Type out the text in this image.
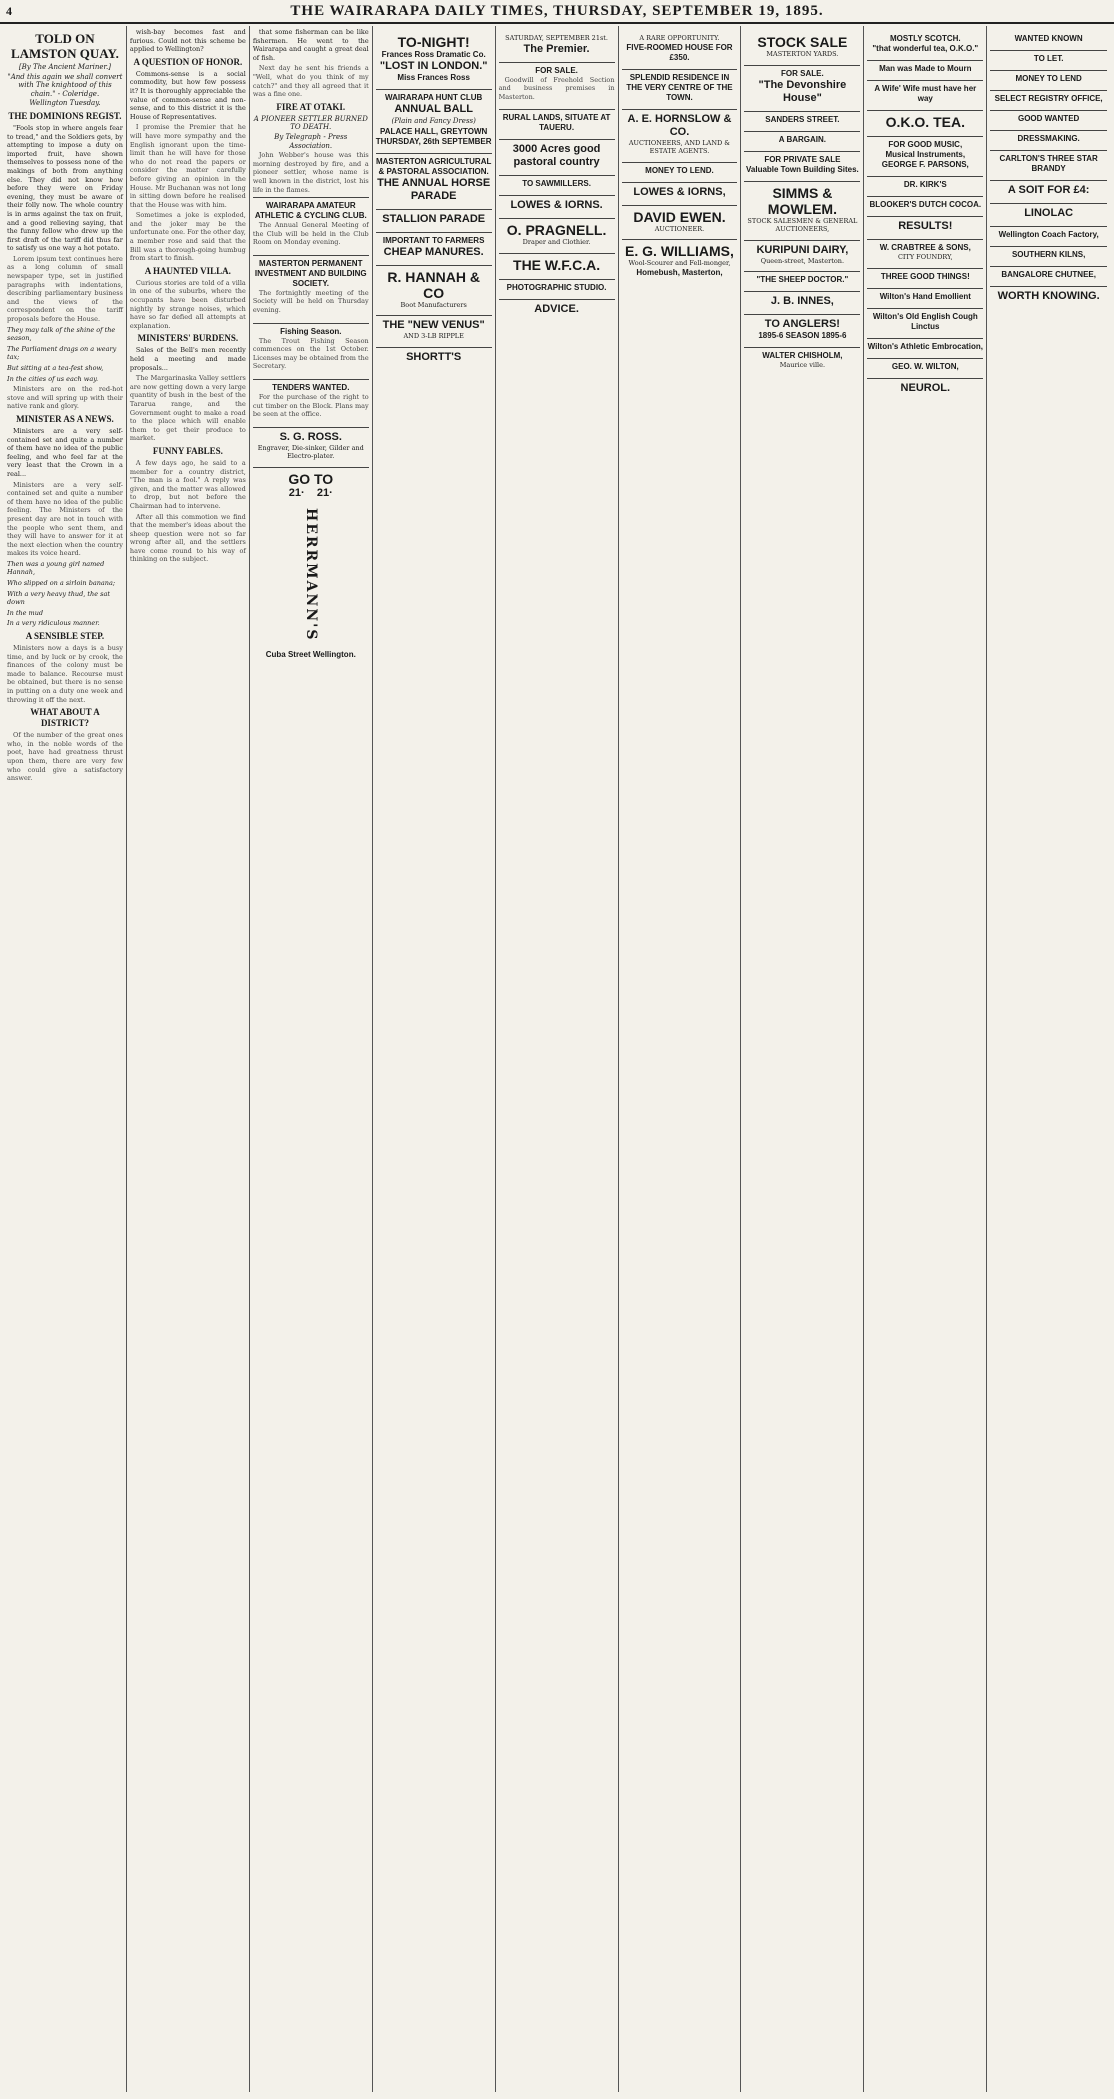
4	THE WAIRARAPA DAILY TIMES, THURSDAY, SEPTEMBER 19, 1895.
TOLD ON LAMSTON QUAY.
[By The Ancient Mariner.]
"And this again we shall convert with The knightood of this chain." - Coleridge.
Wellington Tuesday.
THE DOMINIONS REGIST.

"Fools stop in where angels fear to tread," and the Soldiers gets, by attempting to impose a duty on imported fruit, have shown themselves to possess none of the makings of both from anything else. They did not know how before they were on Friday evening, they must be aware of their folly now. The whole country is in arms against the tax on fruit, and a good relieving saying, that the funny fellow who drew up the first draft of the tariff did thus far to satisfy us one way a hot potato.

Lorem ipsum text continues here as a long column of small newspaper type, set in justified paragraphs with indentations, describing parliamentary business and the views of the correspondent on the tariff proposals before the House.

They may talk of the shine of the season,

The Parliament drags on a weary tax;

But sitting at a tea-fest show,

In the cities of us each way.

Ministers are on the red-hot stove and will spring up with their native rank and glory.

MINISTER AS A NEWS.

Ministers are a very self-contained set and quite a number of them have no idea of the public feeling, and who feel far at the very least that the Crown in a real...

Ministers are a very self-contained set and quite a number of them have no idea of the public feeling. The Ministers of the present day are not in touch with the people who sent them, and they will have to answer for it at the next election when the country makes its voice heard.

Then was a young girl named Hannah,

Who slipped on a sirloin banana;

With a very heavy thud, the sat down

In the mud

In a very ridiculous manner.

A SENSIBLE STEP.

Ministers now a days is a busy time, and by luck or by crook, the finances of the colony must be made to balance. Recourse must be obtained, but there is no sense in putting on a duty one week and throwing it off the next.

WHAT ABOUT A DISTRICT?

Of the number of the great ones who, in the noble words of the poet, have had greatness thrust upon them, there are very few who could give a satisfactory answer.

wish-bay becomes fast and furious. Could not this scheme be applied to Wellington?

A QUESTION OF HONOR.

Commons-sense is a social commodity, but how few possess it? It is thoroughly appreciable the value of common-sense and non-sense, and to this district it is the House of Representatives.

I promise the Premier that he will have more sympathy and the English ignorant upon the time-limit than he will have for those who do not read the papers or consider the matter carefully before giving an opinion in the House. Mr Buchanan was not long in sitting down before he realised that the House was with him.

Sometimes a joke is exploded, and the joker may be the unfortunate one. For the other day, a member rose and said that the Bill was a thorough-going humbug from start to finish.

A HAUNTED VILLA.

Curious stories are told of a villa in one of the suburbs, where the occupants have been disturbed nightly by strange noises, which have so far defied all attempts at explanation.

MINISTERS' BURDENS.

Sales of the Bell's men recently held a meeting and made proposals...

The Margarinaska Valley settlers are now getting down a very large quantity of bush in the best of the Tararua range, and the Government ought to make a road to the place which will enable them to get their produce to market.

FUNNY FABLES.

A few days ago, he said to a member for a country district, "The man is a fool." A reply was given, and the matter was allowed to drop, but not before the Chairman had to intervene.

After all this commotion we find that the member's ideas about the sheep question were not so far wrong after all, and the settlers have come round to his way of thinking on the subject.

that some fisherman can be like fishermen. He went to the Wairarapa and caught a great deal of fish.

Next day he sent his friends a "Well, what do you think of my catch?" and they all agreed that it was a fine one.

FIRE AT OTAKI.
A PIONEER SETTLER BURNED TO DEATH.
By Telegraph - Press Association.

John Webber's house was this morning destroyed by fire, and a pioneer settler, whose name is well known in the district, lost his life in the flames.

WAIRARAPA AMATEUR ATHLETIC & CYCLING CLUB.

The Annual General Meeting of the Club will be held in the Club Room on Monday evening.

MASTERTON PERMANENT INVESTMENT AND BUILDING SOCIETY.

The fortnightly meeting of the Society will be held on Thursday evening.

Fishing Season.

The Trout Fishing Season commences on the 1st October. Licenses may be obtained from the Secretary.

TENDERS WANTED.

For the purchase of the right to cut timber on the Block. Plans may be seen at the office.

S. G. ROSS.
Engraver, Die-sinker, Gilder and Electro-plater.
GO TO
21·    21·
HERRMANN'S
Cuba Street Wellington.
TO-NIGHT!
Frances Ross Dramatic Co.
"LOST IN LONDON."
Miss Frances Ross
WAIRARAPA HUNT CLUB
ANNUAL BALL
(Plain and Fancy Dress)
PALACE HALL, GREYTOWN
THURSDAY, 26th SEPTEMBER
MASTERTON AGRICULTURAL & PASTORAL ASSOCIATION.
THE ANNUAL HORSE PARADE
STALLION PARADE
IMPORTANT TO FARMERS
CHEAP MANURES.
R. HANNAH & CO
Boot Manufacturers
THE "NEW VENUS"
AND 3-LB RIPPLE
SHORTT'S
SATURDAY, SEPTEMBER 21st.
The Premier.
FOR SALE.

Goodwill of Freehold Section and business premises in Masterton.

RURAL LANDS, SITUATE AT TAUERU.
3000 Acres good pastoral country
TO SAWMILLERS.
LOWES & IORNS.
O. PRAGNELL.
Draper and Clothier.
THE W.F.C.A.
PHOTOGRAPHIC STUDIO.
ADVICE.
A RARE OPPORTUNITY.
FIVE-ROOMED HOUSE FOR £350.
SPLENDID RESIDENCE IN THE VERY CENTRE OF THE TOWN.
A. E. HORNSLOW & CO.
AUCTIONEERS, AND LAND & ESTATE AGENTS.
MONEY TO LEND.
LOWES & IORNS,
DAVID EWEN.
AUCTIONEER.
E. G. WILLIAMS,
Wool-Scourer and Fell-monger,
Homebush, Masterton,
STOCK SALE
MASTERTON YARDS.
FOR SALE.
"The Devonshire House"
SANDERS STREET.
A BARGAIN.
FOR PRIVATE SALE
Valuable Town Building Sites.
SIMMS & MOWLEM.
STOCK SALESMEN & GENERAL AUCTIONEERS,
KURIPUNI DAIRY,
Queen-street, Masterton.
"THE SHEEP DOCTOR."
J. B. INNES,
TO ANGLERS!
1895-6 SEASON 1895-6
WALTER CHISHOLM,
Maurice ville.
MOSTLY SCOTCH.
"that wonderful tea, O.K.O."
Man was Made to Mourn
A Wife' Wife must have her way
O.K.O. TEA.
FOR GOOD MUSIC,
Musical Instruments,
GEORGE F. PARSONS,
DR. KIRK'S
BLOOKER'S DUTCH COCOA.
RESULTS!
W. CRABTREE & SONS,
CITY FOUNDRY,
THREE GOOD THINGS!
Wilton's Hand Emollient
Wilton's Old English Cough Linctus
Wilton's Athletic Embrocation,
GEO. W. WILTON,
NEUROL.
WANTED KNOWN
TO LET.
MONEY TO LEND
SELECT REGISTRY OFFICE,
GOOD WANTED
DRESSMAKING.
CARLTON'S THREE STAR BRANDY
A SOIT FOR £4:
LINOLAC
Wellington Coach Factory,
SOUTHERN KILNS,
BANGALORE CHUTNEE,
WORTH KNOWING.
